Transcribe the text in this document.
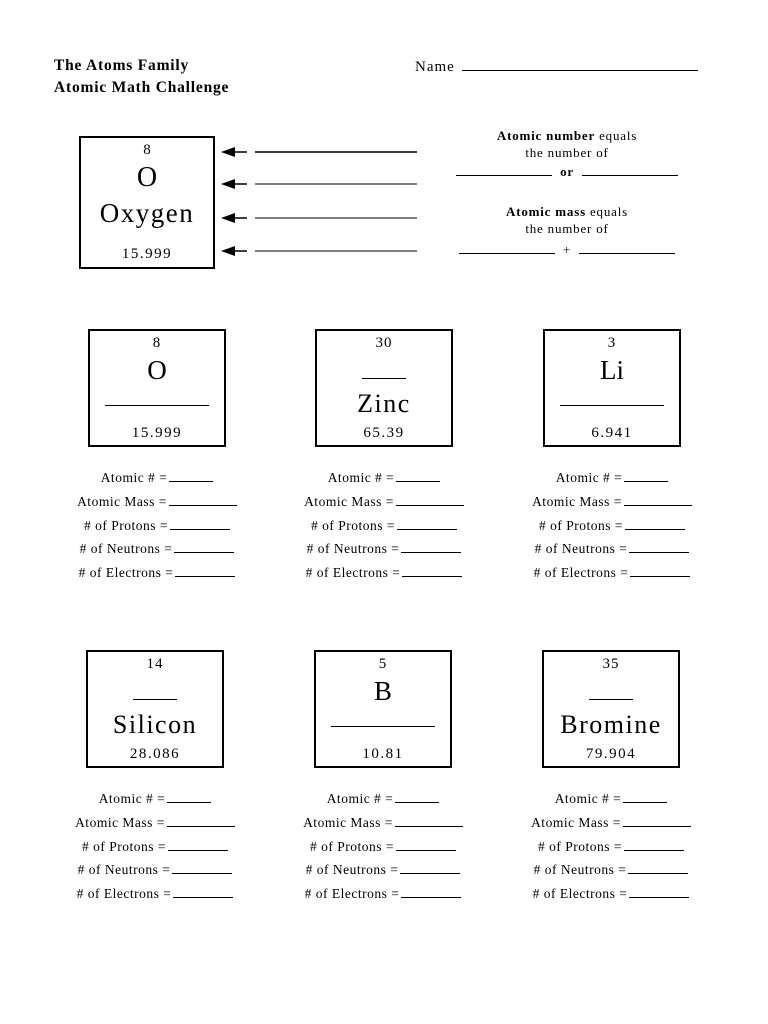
The Atoms Family
Atomic Math Challenge
Name
8
O
Oxygen
15.999
Atomic number equals
the number of
or
Atomic mass equals
the number of
+
8
O
15.999
Atomic # =
Atomic Mass =
# of Protons =
# of Neutrons =
# of Electrons =
30
Zinc
65.39
Atomic # =
Atomic Mass =
# of Protons =
# of Neutrons =
# of Electrons =
3
Li
6.941
Atomic # =
Atomic Mass =
# of Protons =
# of Neutrons =
# of Electrons =
14
Silicon
28.086
Atomic # =
Atomic Mass =
# of Protons =
# of Neutrons =
# of Electrons =
5
B
10.81
Atomic # =
Atomic Mass =
# of Protons =
# of Neutrons =
# of Electrons =
35
Bromine
79.904
Atomic # =
Atomic Mass =
# of Protons =
# of Neutrons =
# of Electrons =
